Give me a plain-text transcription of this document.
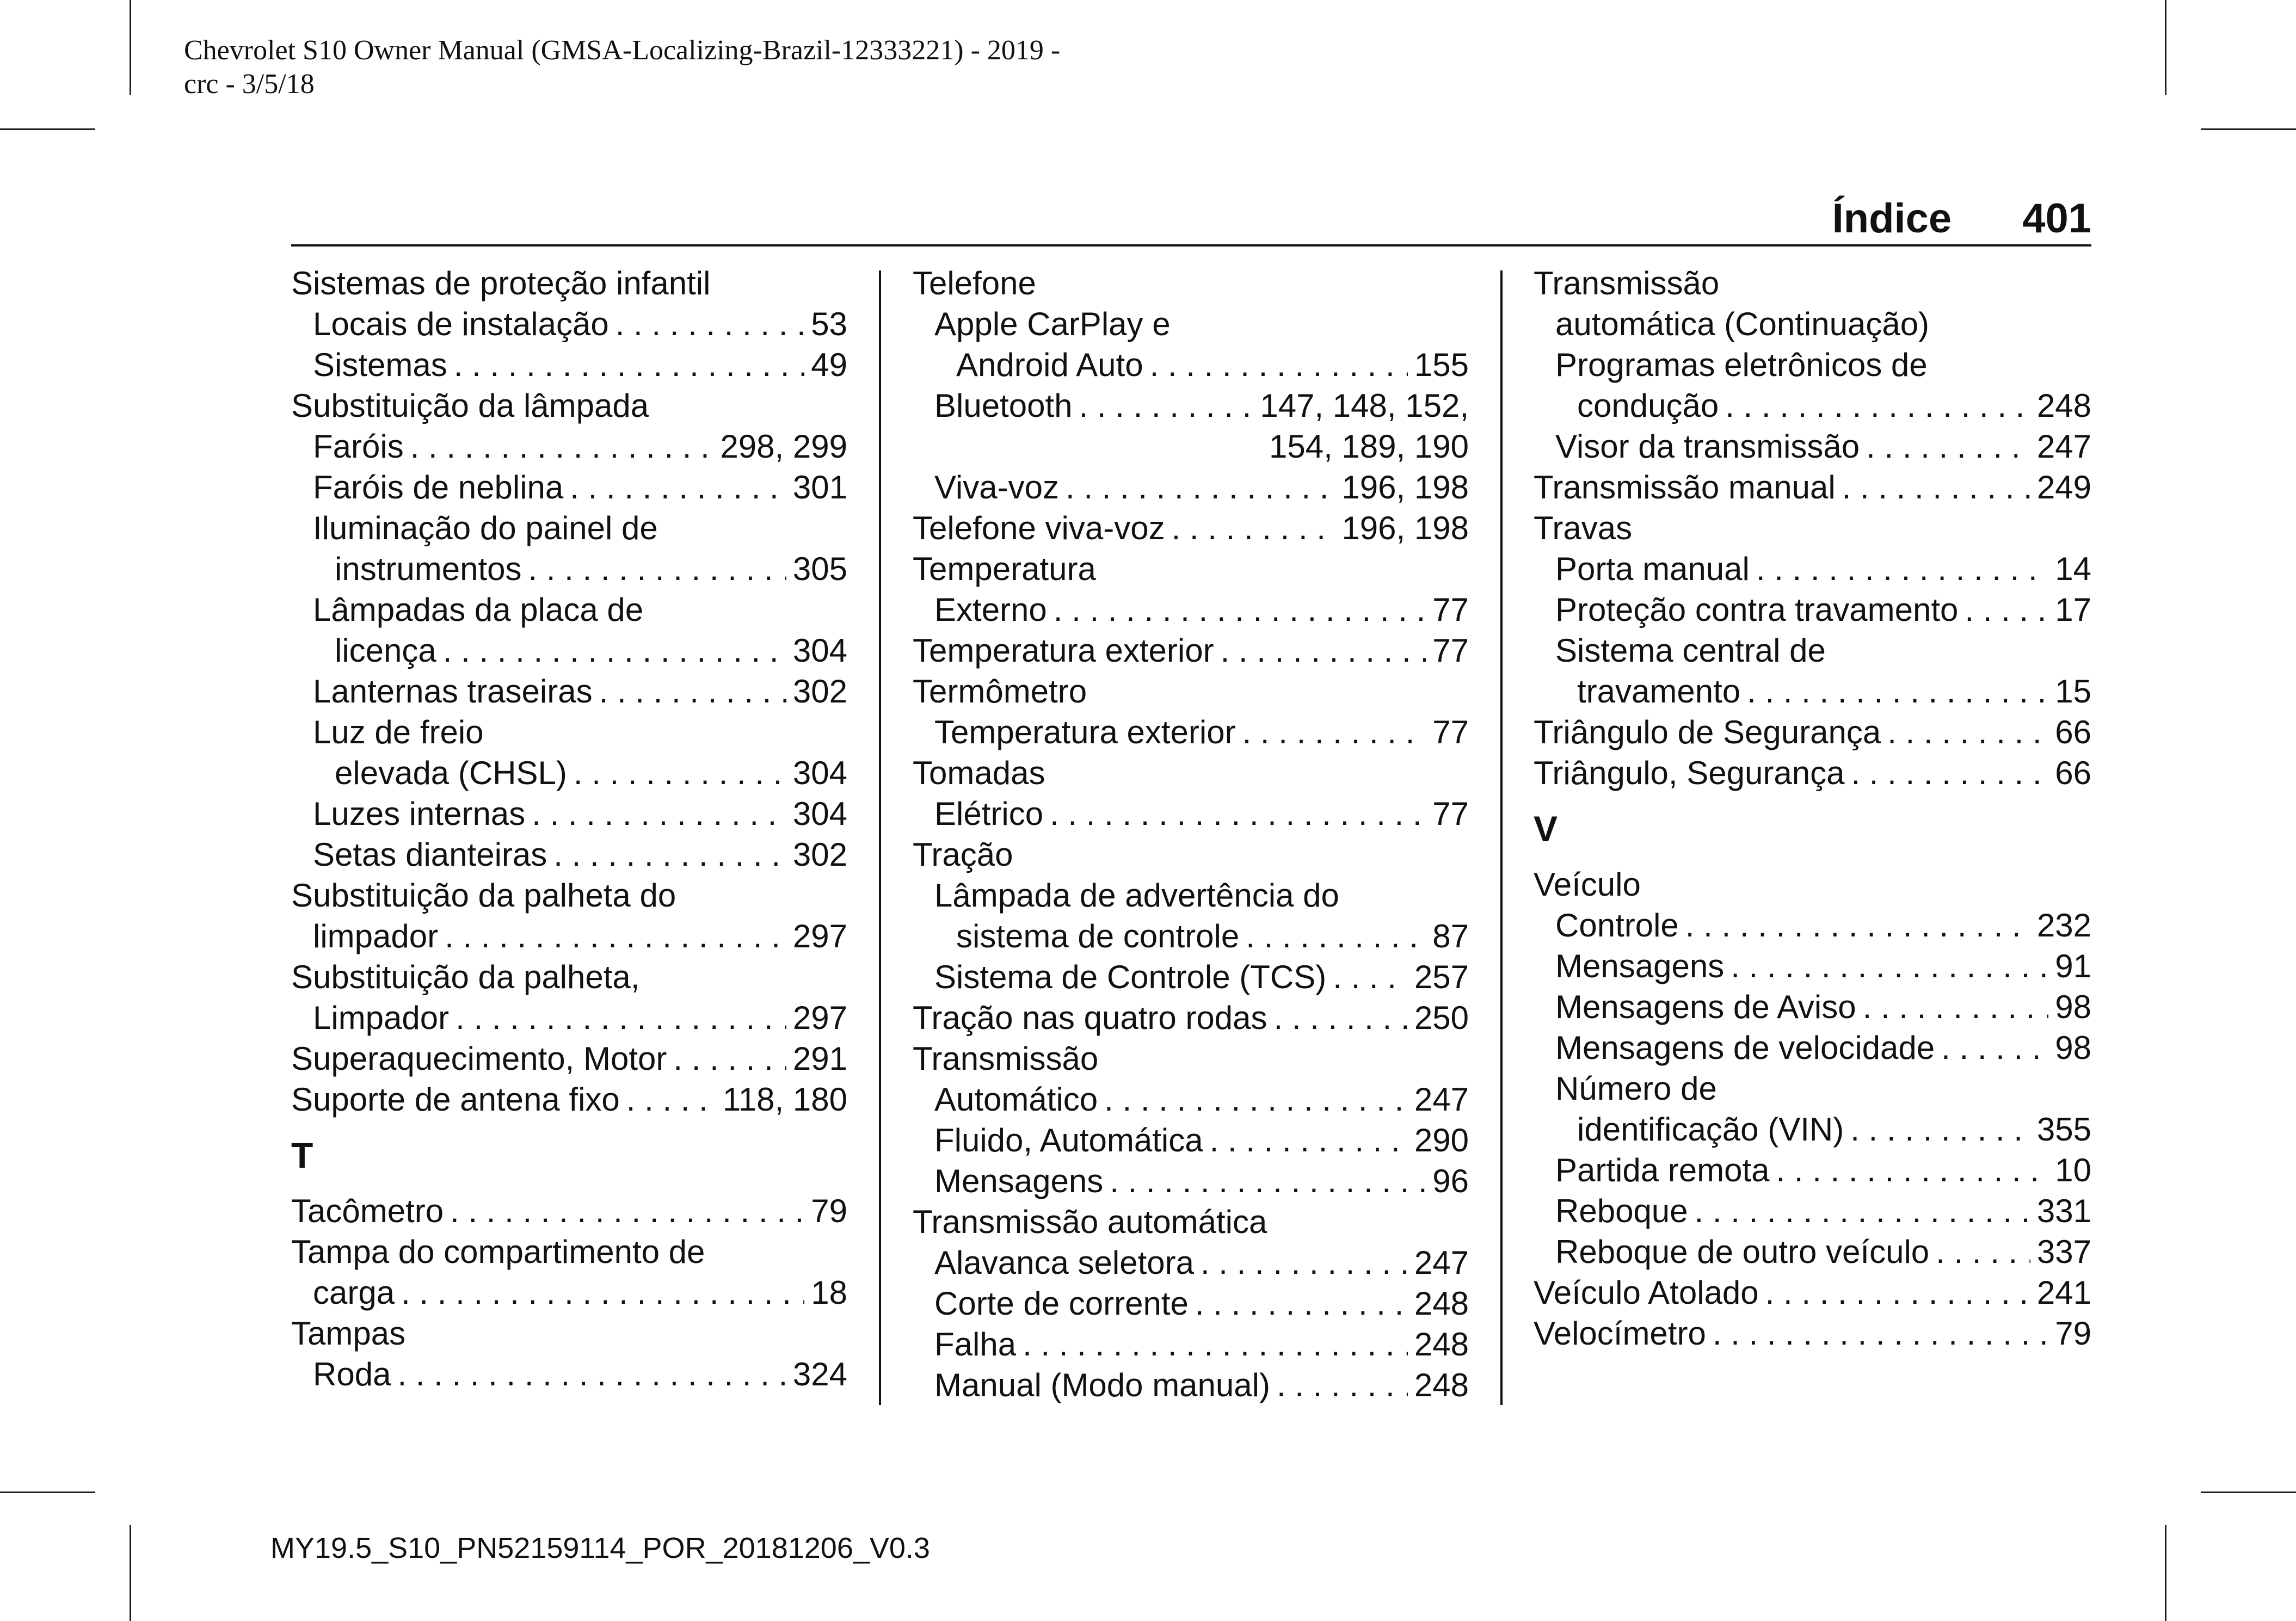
Chevrolet S10 Owner Manual (GMSA-Localizing-Brazil-12333221) - 2019 -
crc - 3/5/18
Índice 401
Sistemas de proteção infantil
Locais de instalação . . .	53
Sistemas . . .	49
Substituição da lâmpada
Faróis . . .	298, 299
Faróis de neblina . . .	301
Iluminação do painel de
instrumentos . . .	305
Lâmpadas da placa de
licença . . .	304
Lanternas traseiras . . .	302
Luz de freio
elevada (CHSL) . . .	304
Luzes internas . . .	304
Setas dianteiras . . .	302
Substituição da palheta do
limpador . . .	297
Substituição da palheta,
Limpador . . .	297
Superaquecimento, Motor . . .	291
Suporte de antena fixo . . .	118, 180
T
Tacômetro . . .	79
Tampa do compartimento de
carga . . .	18
Tampas
Roda . . .	324
Telefone
Apple CarPlay e
Android Auto . . .	155
Bluetooth . . .	147, 148, 152,
154, 189, 190
Viva-voz . . .	196, 198
Telefone viva-voz . . .	196, 198
Temperatura
Externo . . .	77
Temperatura exterior . . .	77
Termômetro
Temperatura exterior . . .	77
Tomadas
Elétrico . . .	77
Tração
Lâmpada de advertência do
sistema de controle . . .	87
Sistema de Controle (TCS) . . .	257
Tração nas quatro rodas . . .	250
Transmissão
Automático . . .	247
Fluido, Automática . . .	290
Mensagens . . .	96
Transmissão automática
Alavanca seletora . . .	247
Corte de corrente . . .	248
Falha . . .	248
Manual (Modo manual) . . .	248
Transmissão
automática (Continuação)
Programas eletrônicos de
condução . . .	248
Visor da transmissão . . .	247
Transmissão manual . . .	249
Travas
Porta manual . . .	14
Proteção contra travamento . . .	17
Sistema central de
travamento . . .	15
Triângulo de Segurança . . .	66
Triângulo, Segurança . . .	66
V
Veículo
Controle . . .	232
Mensagens . . .	91
Mensagens de Aviso . . .	98
Mensagens de velocidade . . .	98
Número de
identificação (VIN) . . .	355
Partida remota . . .	10
Reboque . . .	331
Reboque de outro veículo . . .	337
Veículo Atolado . . .	241
Velocímetro . . .	79
MY19.5_S10_PN52159114_POR_20181206_V0.3
